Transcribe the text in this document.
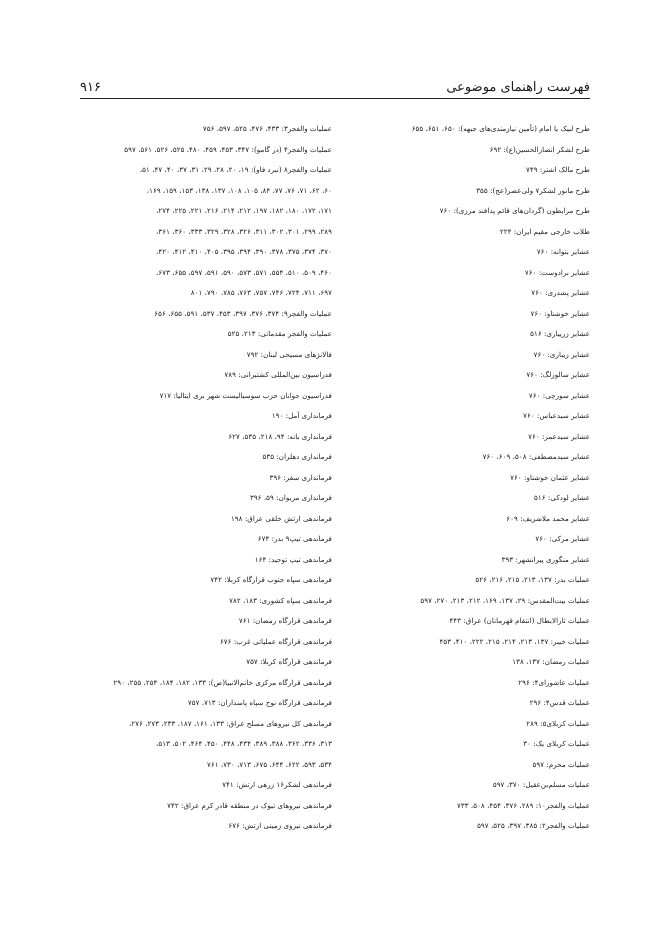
۹۱۶	فهرست راهنمای موضوعی
طرح لبیک یا امام (تأمین نیازمندی‌های جبهه): ۶۵۰، ۶۵۱، ۶۵۵
طرح لشکر انصارالحسین(ع): ۶۹۲
طرح مالک اشتر: ۷۴۹
طرح مانور لشکر۷ ولی‌عصر(عج): ۳۵۵
طرح مرابطون (گردان‌های قائم پدافند مرزی): ۷۶۰
طلاب خارجی مقیم ایران: ۲۲۴
عشایر بتوانه: ۷۶۰
عشایر برادوست: ۷۶۰
عشایر پشدری: ۷۶۰
عشایر خوشناو: ۷۶۰
عشایر زرپیاری: ۵۱۶
عشایر زیباری: ۷۶۰
عشایر سالورلگ: ۷۶۰
عشایر سورچی: ۷۶۰
عشایر سیدعباس: ۷۶۰
عشایر سیدعمر: ۷۶۰
عشایر سیدمصطفی: ۵۰۸، ۶۰۹، ۷۶۰
عشایر عثمان خوشناو: ۷۶۰
عشایر لودکی: ۵۱۶
عشایر محمد ملاشریف: ۶۰۹
عشایر مرکی: ۷۶۰
عشایر منگوری پیرانشهر: ۳۹۳
عملیات بدر: ۱۳۷، ۲۱۳، ۲۱۵، ۲۱۶، ۵۲۶
عملیات بیت‌المقدس: ۲۹، ۱۳۷، ۱۶۹، ۲۱۲، ۲۱۳، ۲۷۰، ۵۹۷
عملیات ثارالابطال (انتقام قهرمانان) عراق: ۴۴۳
عملیات خیبر: ۱۳۷، ۲۱۳، ۲۱۴، ۲۱۵، ۲۲۲، ۴۱۰، ۴۵۳
عملیات رمضان: ۱۳۷، ۱۳۸
عملیات عاشورای۴: ۲۹۶
عملیات قدس۴: ۲۹۶
عملیات کربلای۵: ۲۸۹
عملیات کربلای یک: ۳۰
عملیات محرم: ۵۹۷
عملیات مسلم‌بن‌عقیل: ۳۷۰، ۵۹۷
عملیات والفجر۱۰: ۲۸۹، ۳۷۶، ۴۵۴، ۵۰۸، ۷۳۳
عملیات والفجر۲: ۳۸۵، ۳۹۷، ۵۲۵، ۵۹۷
عملیات والفجر۳: ۴۳۳، ۴۷۶، ۵۲۵، ۵۹۷، ۷۵۶
عملیات والفجر۴ (در گامو): ۳۴۷، ۴۵۳، ۴۵۹، ۴۸۰، ۵۲۵، ۵۲۶، ۵۶۱، ۵۹۷
عملیات والفجر۸ (نبرد فاو): ۱۹، ۲۰، ۲۸، ۲۹، ۳۱، ۳۷، ۴۰، ۴۷، ۵۱،
۶۰، ۶۲، ۷۱، ۷۶، ۷۷، ۸۴، ۱۰۵، ۱۰۸، ۱۳۷، ۱۳۸، ۱۵۳، ۱۵۹، ۱۶۹،
۱۷۱، ۱۷۲، ۱۸۰، ۱۸۲، ۱۹۷، ۲۱۲، ۲۱۴، ۲۱۶، ۲۲۱، ۲۲۵، ۲۷۴،
۲۸۹، ۲۹۹، ۳۰۱، ۳۰۲، ۳۱۱، ۳۲۶، ۳۲۸، ۳۲۹، ۳۳۳، ۳۶۰، ۳۶۱،
۳۷۰، ۳۷۴، ۳۷۵، ۳۷۸، ۳۹۰، ۳۹۴، ۳۹۵، ۴۰۵، ۴۱۰، ۴۱۲، ۴۲۰،
۴۶۰، ۵۰۹، ۵۱۰، ۵۵۴، ۵۷۱، ۵۷۳، ۵۹۰، ۵۹۱، ۵۹۷، ۶۵۵، ۶۷۳،
۶۹۷، ۷۱۱، ۷۲۴، ۷۴۶، ۷۵۷، ۷۶۳، ۷۸۵، ۷۹۰، ۸۰۱
عملیات والفجر۹: ۳۷۴، ۳۷۶، ۳۹۷، ۴۵۳، ۵۳۷، ۵۹۱، ۶۵۵، ۶۵۶
عملیات والفجر مقدماتی: ۲۱۳، ۵۲۵
فالانژهای مسیحی لبنان: ۷۹۲
فدراسیون بین‌المللی کشتیرانی: ۷۸۹
فدراسیون جوانان حزب سوسیالیست شهر بری ایتالیا: ۷۱۷
فرمانداری آمل: ۱۹۰
فرمانداری بانه: ۹۴، ۲۱۸، ۵۳۵، ۶۲۷
فرمانداری دهلران: ۵۳۵
فرمانداری سقز: ۳۹۶
فرمانداری مریوان: ۵۹، ۳۹۶
فرماندهی ارتش خلقی عراق: ۱۹۸
فرماندهی تیپ۹ بدر: ۶۷۴
فرماندهی تیپ توحید: ۱۶۴
فرماندهی سپاه جنوب قرارگاه کربلا: ۷۴۲
فرماندهی سپاه کشوری: ۱۸۳، ۷۸۲
فرماندهی قرارگاه رمضان: ۷۶۱
فرماندهی قرارگاه عملیاتی غرب: ۶۷۶
فرماندهی قرارگاه کربلا: ۷۵۷
فرماندهی قرارگاه مرکزی خاتم‌الانبیا(ص): ۱۳۳، ۱۸۲، ۱۸۴، ۲۵۴، ۲۵۵، ۲۹۰
فرماندهی قرارگاه نوح سپاه پاسداران: ۷۱۳، ۷۵۷
فرماندهی کل نیروهای مسلح عراق: ۱۳۳، ۱۶۱، ۱۸۷، ۲۳۳، ۲۷۳، ۲۷۶،
۳۱۳، ۳۳۶، ۳۶۲، ۳۸۸، ۳۸۹، ۴۳۴، ۴۴۸، ۴۵۰، ۴۶۴، ۵۰۲، ۵۱۳،
۵۳۴، ۵۹۳، ۶۲۲، ۶۴۴، ۶۷۵، ۷۱۳، ۷۳۰، ۷۶۱
فرماندهی لشکر۱۶ زرهی ارتش: ۷۴۱
فرماندهی نیروهای تیوک در منطقه قادر کرم عراق: ۷۴۲
فرماندهی نیروی زمینی ارتش: ۶۷۶
